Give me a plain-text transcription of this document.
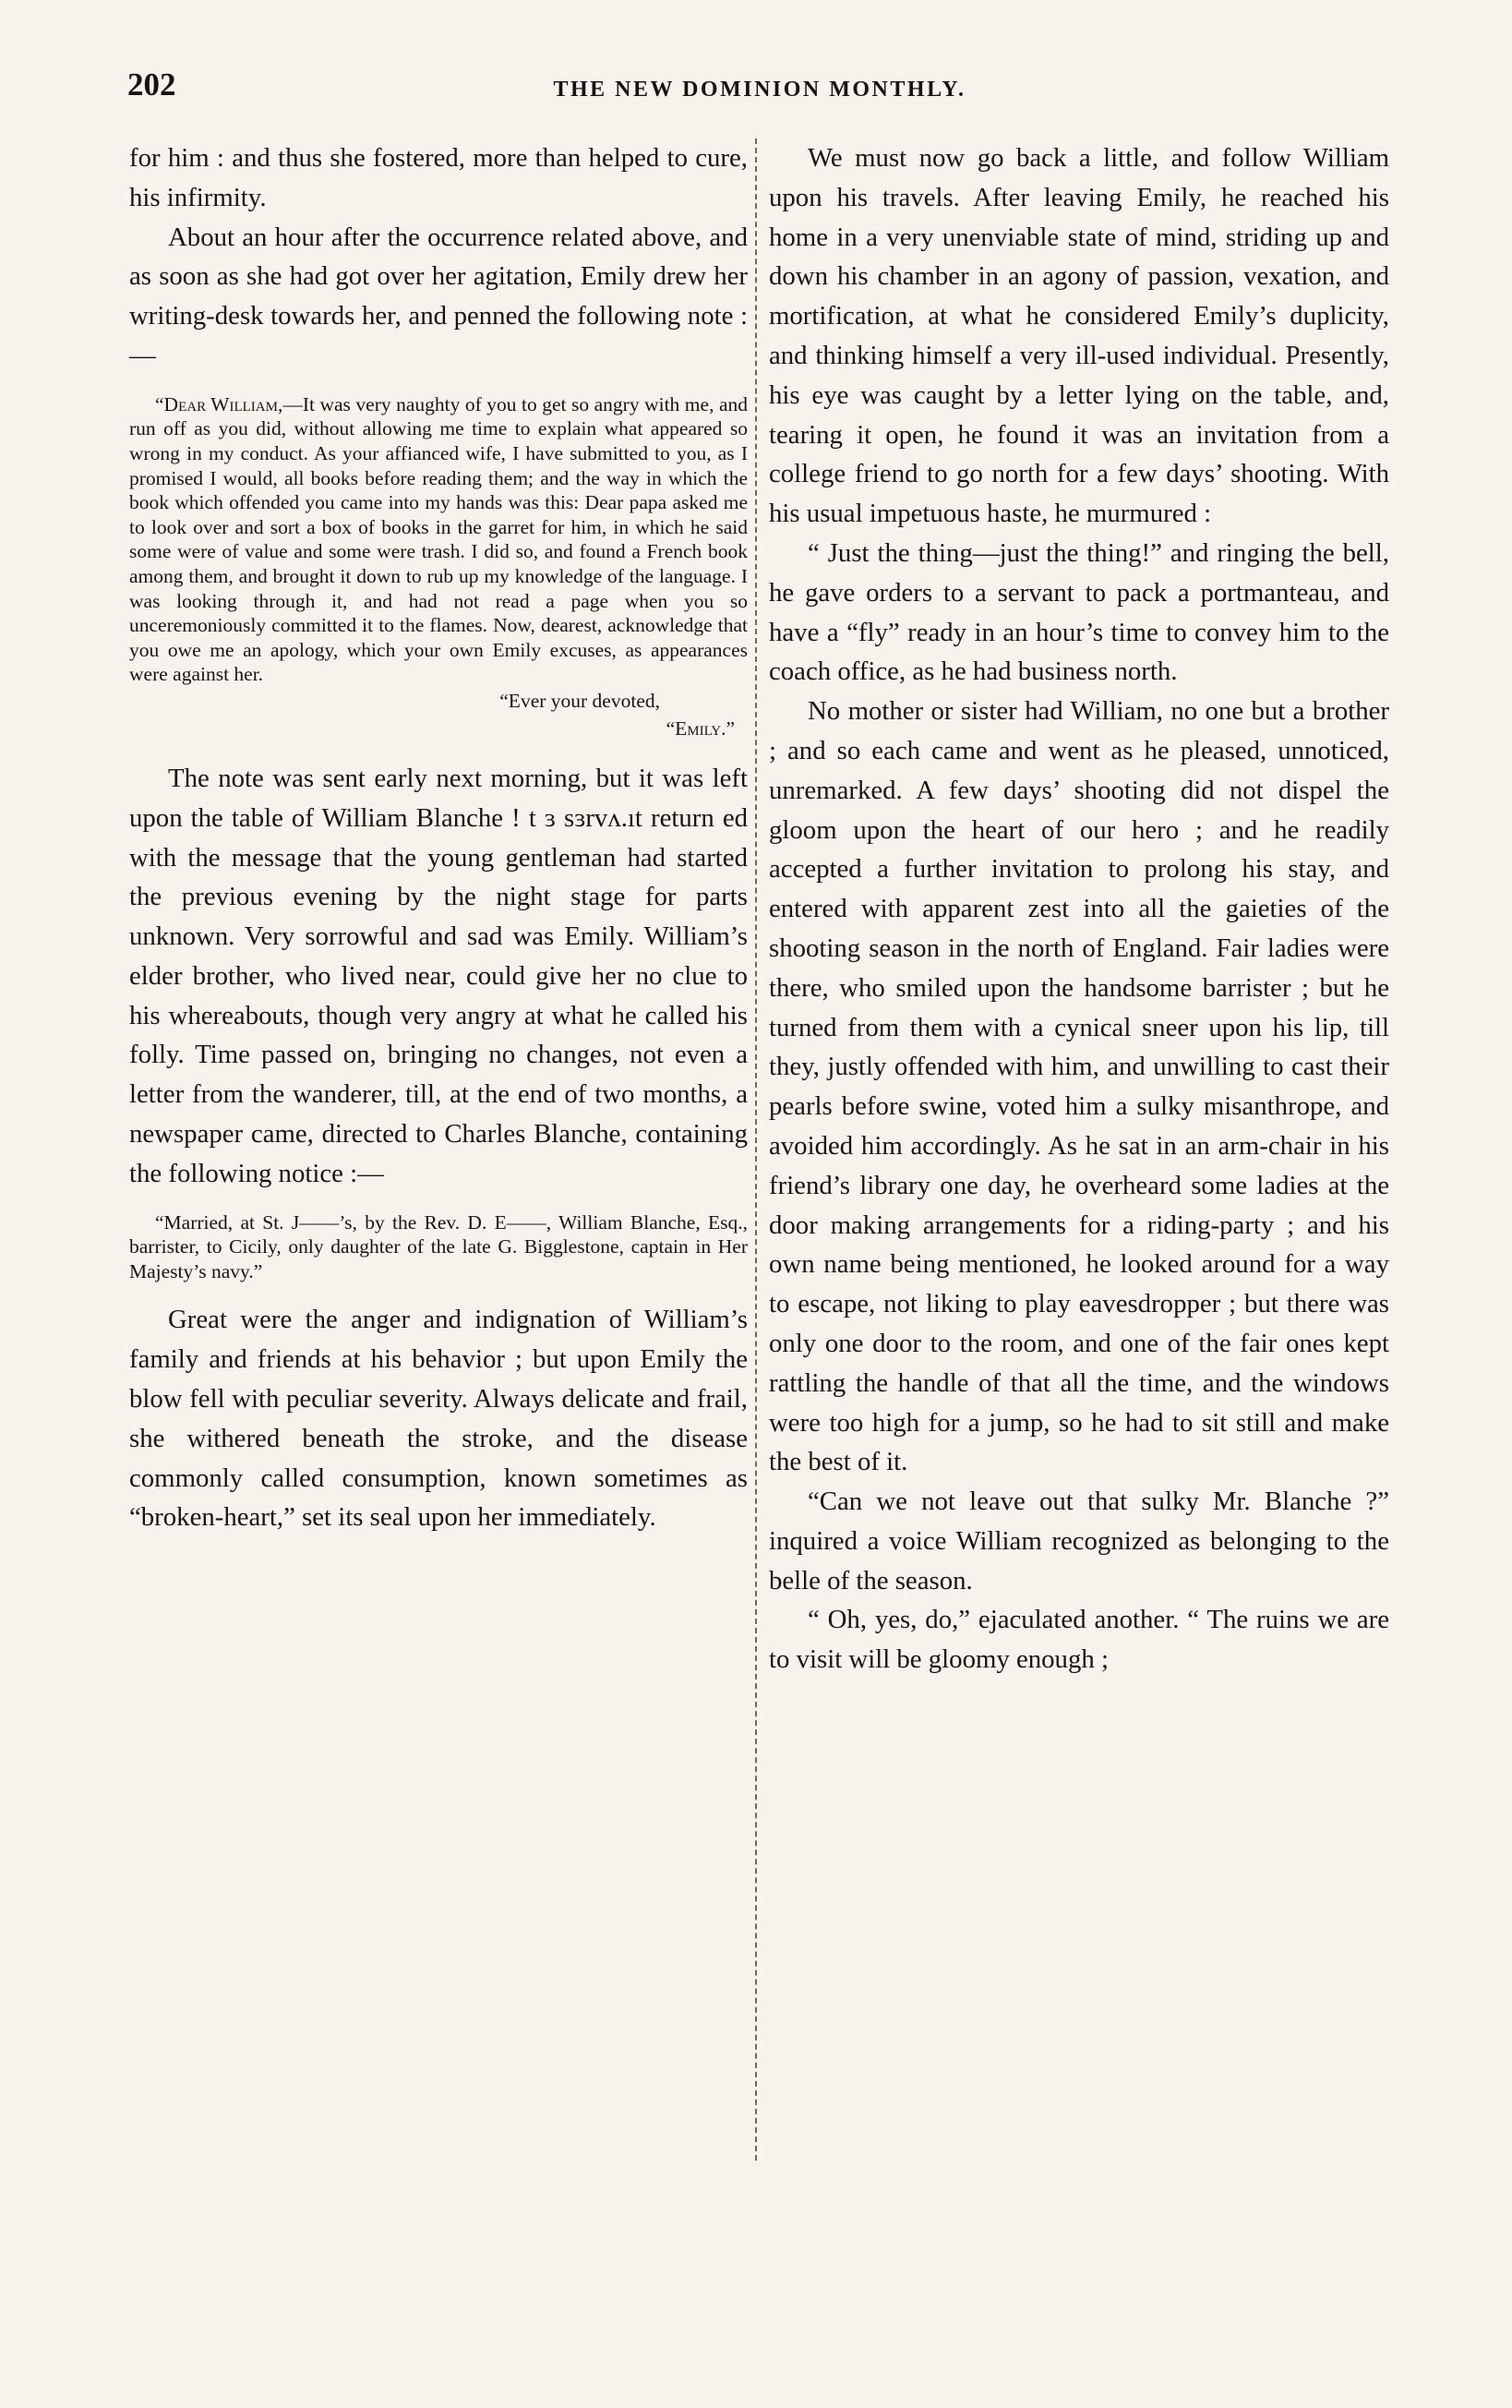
202	THE NEW DOMINION MONTHLY.

for him : and thus she fostered, more than helped to cure, his infirmity.

About an hour after the occurrence related above, and as soon as she had got over her agitation, Emily drew her writing-desk towards her, and penned the following note :—

“Dear William,—It was very naughty of you to get so angry with me, and run off as you did, without allowing me time to explain what appeared so wrong in my conduct. As your affianced wife, I have submitted to you, as I promised I would, all books before reading them; and the way in which the book which offended you came into my hands was this: Dear papa asked me to look over and sort a box of books in the garret for him, in which he said some were of value and some were trash. I did so, and found a French book among them, and brought it down to rub up my knowledge of the language. I was looking through it, and had not read a page when you so unceremoniously committed it to the flames. Now, dearest, acknowledge that you owe me an apology, which your own Emily excuses, as appearances were against her.

“Ever your devoted,

“Emily.”

The note was sent early next morning, but it was left upon the table of William Blanche ! t ɜ sɜrvʌ.ıt return ed with the message that the young gentleman had started the previous evening by the night stage for parts unknown. Very sorrowful and sad was Emily. William’s elder brother, who lived near, could give her no clue to his whereabouts, though very angry at what he called his folly. Time passed on, bringing no changes, not even a letter from the wanderer, till, at the end of two months, a newspaper came, directed to Charles Blanche, containing the following notice :—

“Married, at St. J——’s, by the Rev. D. E——, William Blanche, Esq., barrister, to Cicily, only daughter of the late G. Bigglestone, captain in Her Majesty’s navy.”

Great were the anger and indignation of William’s family and friends at his behavior ; but upon Emily the blow fell with peculiar severity. Always delicate and frail, she withered beneath the stroke, and the disease commonly called consumption, known sometimes as “broken-heart,” set its seal upon her immediately.

We must now go back a little, and follow William upon his travels. After leaving Emily, he reached his home in a very unenviable state of mind, striding up and down his chamber in an agony of passion, vexation, and mortification, at what he considered Emily’s duplicity, and thinking himself a very ill-used individual. Presently, his eye was caught by a letter lying on the table, and, tearing it open, he found it was an invitation from a college friend to go north for a few days’ shooting. With his usual impetuous haste, he murmured :

“ Just the thing—just the thing!” and ringing the bell, he gave orders to a servant to pack a portmanteau, and have a “fly” ready in an hour’s time to convey him to the coach office, as he had business north.

No mother or sister had William, no one but a brother ; and so each came and went as he pleased, unnoticed, unremarked. A few days’ shooting did not dispel the gloom upon the heart of our hero ; and he readily accepted a further invitation to prolong his stay, and entered with apparent zest into all the gaieties of the shooting season in the north of England. Fair ladies were there, who smiled upon the handsome barrister ; but he turned from them with a cynical sneer upon his lip, till they, justly offended with him, and unwilling to cast their pearls before swine, voted him a sulky misanthrope, and avoided him accordingly. As he sat in an arm-chair in his friend’s library one day, he overheard some ladies at the door making arrangements for a riding-party ; and his own name being mentioned, he looked around for a way to escape, not liking to play eavesdropper ; but there was only one door to the room, and one of the fair ones kept rattling the handle of that all the time, and the windows were too high for a jump, so he had to sit still and make the best of it.

“Can we not leave out that sulky Mr. Blanche ?” inquired a voice William recognized as belonging to the belle of the season.

“ Oh, yes, do,” ejaculated another. “ The ruins we are to visit will be gloomy enough ;
